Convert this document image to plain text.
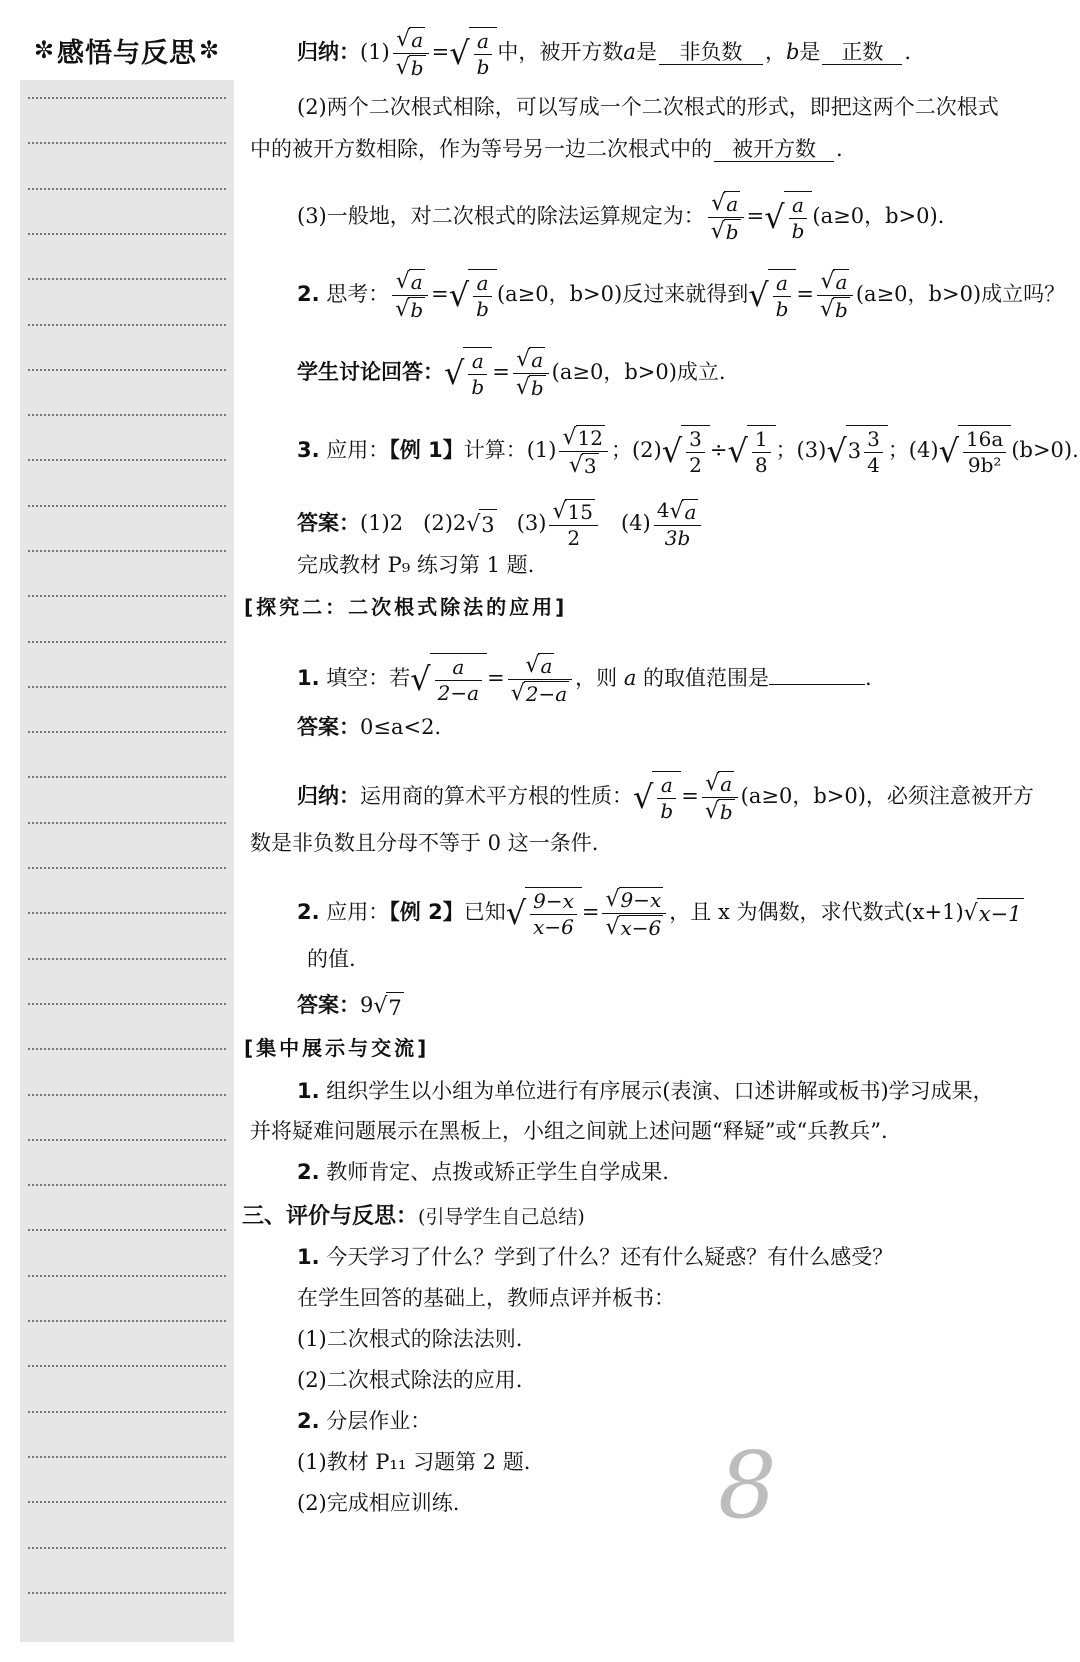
✼ 感悟与反思 ✼	归纳：$(1) \frac{√a}{√b}$ =√ $\frac{a}{b}$ 中，被开方数a是 非负数 ，b是 正数 .
(2)两个二次根式相除，可以写成一个二次根式的形式，即把这两个二次根式
中的被开方数相除，作为等号另一边二次根式中的 被开方数 .
(3)一般地，对二次根式的除法运算规定为： $\frac{√a}{√b}$ =√ $\frac{a}{b} (a\ge 0$，b>0).
2. 思考： $\frac{√a}{√b}$ =√ $\frac{a}{b} (a\ge 0$，b>0)反过来就得到√ $\frac{a}{b} = \frac{√a}{√b} (a\ge 0$，b>0)成立吗？
学生讨论回答：√ $\frac{a}{b} = \frac{√a}{√b} (a\ge 0$，b>0)成立.
3. 应用：【例 1】计算：$(1) \frac{√12}{√3}$ ；$(2)√ \frac{3}{2}$ ÷√ $\frac{1}{8}$ ；$(3)√3 \frac{3}{4}$ ；$(4)√ \frac{16a}{\text{9b²}} (b>0)$.
答案：(1)2 (2)2√3 $(3) \frac{√15}{2} (4) \frac{4√a}{3b}$
完成教材 P₉ 练习第 1 题.
[探究二：二次根式除法的应用]
1. 填空：若√ $\frac{a}{2-a} = \frac{√a}{√2-a}$ ，则 a 的取值范围是	.
答案：0≤a<2.
归纳：运用商的算术平方根的性质：√ $\frac{a}{b} = \frac{√a}{√b} (a\ge 0$，b>0)，必须注意被开方
数是非负数且分母不等于 0 这一条件.
2. 应用：【例 2】已知√ $\frac{9-x}{x-6} = \frac{√9-x}{√x-6}$ ，且 x 为偶数，求代数式(x+1)√x−1
的值.
答案：9√7
[集中展示与交流]
1. 组织学生以小组为单位进行有序展示(表演、口述讲解或板书)学习成果，
并将疑难问题展示在黑板上，小组之间就上述问题“释疑”或“兵教兵”.
2. 教师肯定、点拨或矫正学生自学成果.
三、评价与反思：(引导学生自己总结)
1. 今天学习了什么？学到了什么？还有什么疑惑？有什么感受？
在学生回答的基础上，教师点评并板书：
(1)二次根式的除法法则.
(2)二次根式除法的应用.
2. 分层作业：
(1)教材 P₁₁ 习题第 2 题.
(2)完成相应训练.	8
